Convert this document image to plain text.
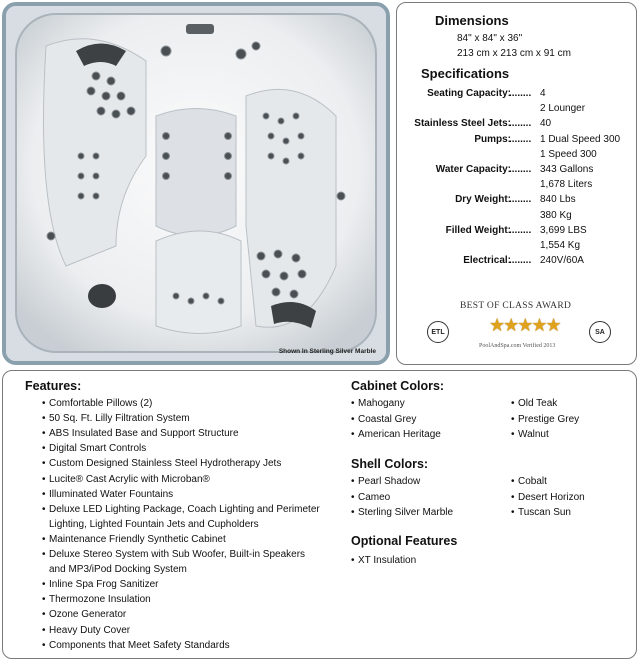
Shown In Sterling Silver Marble
Dimensions
84" x 84" x 36"
213 cm x 213 cm x 91 cm
Specifications
Seating Capacity:
........ 4
2 Lounger
Stainless Steel Jets:
........ 40
Pumps:
........ 1 Dual Speed 300
1 Speed 300
Water Capacity:
........ 343 Gallons
1,678 Liters
Dry Weight:
........ 840 Lbs
380 Kg
Filled Weight:
........ 3,699 LBS
1,554 Kg
Electrical:
........ 240V/60A
BEST OF CLASS AWARD
★★★★★
PoolAndSpa.com Verified 2013
ETL	SA
Features:
• Comfortable Pillows (2)
• 50 Sq. Ft. Lilly Filtration System
• ABS Insulated Base and Support Structure
• Digital Smart Controls
• Custom Designed Stainless Steel Hydrotherapy Jets
• Lucite® Cast Acrylic with Microban®
• Illuminated Water Fountains
• Deluxe LED Lighting Package, Coach Lighting and Perimeter
Lighting, Lighted Fountain Jets and Cupholders
• Maintenance Friendly Synthetic Cabinet
• Deluxe Stereo System with Sub Woofer, Built-in Speakers
and MP3/iPod Docking System
• Inline Spa Frog Sanitizer
• Thermozone Insulation
• Ozone Generator
• Heavy Duty Cover
• Components that Meet Safety Standards
Cabinet Colors:
• Mahogany
• Coastal Grey
• American Heritage
• Old Teak
• Prestige Grey
• Walnut
Shell Colors:
• Pearl Shadow
• Cameo
• Sterling Silver Marble
• Cobalt
• Desert Horizon
• Tuscan Sun
Optional Features
• XT Insulation
